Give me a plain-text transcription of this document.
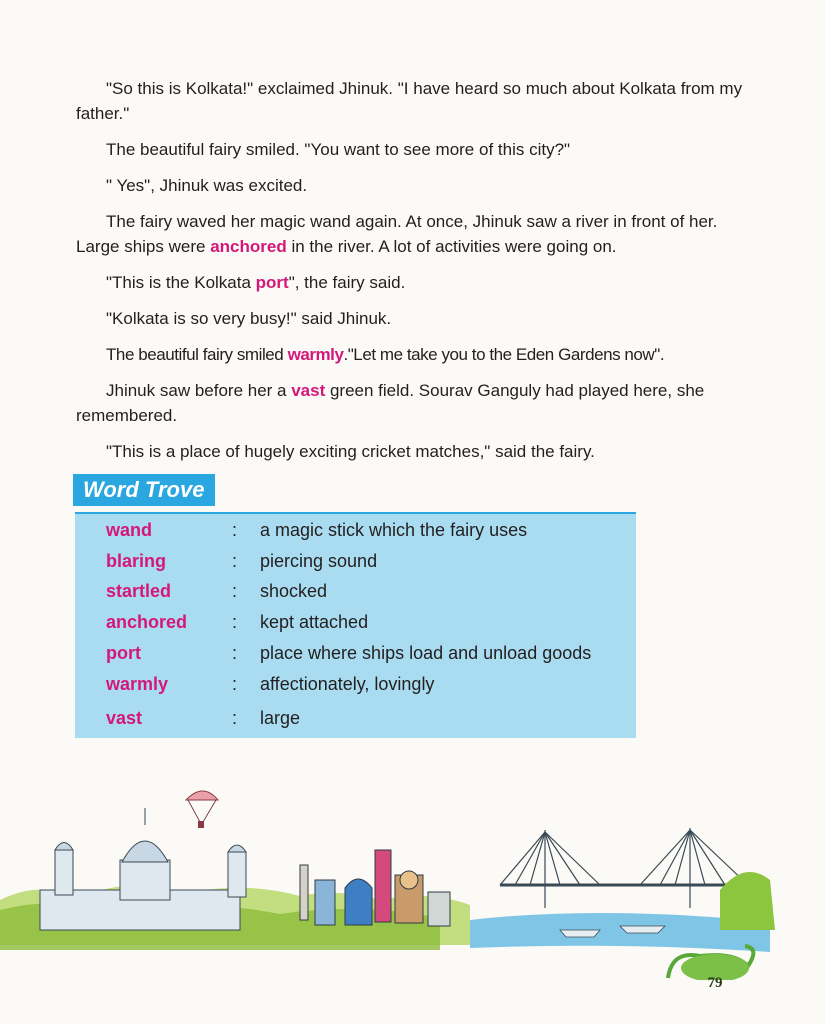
"So this is Kolkata!" exclaimed Jhinuk. "I have heard so much about Kolkata from my father."

The beautiful fairy smiled. "You want to see more of this city?"

" Yes", Jhinuk was excited.

The fairy waved her magic wand again. At once, Jhinuk saw a river in front of her. Large ships were anchored in the river. A lot of activities were going on.

"This is the Kolkata port", the fairy said.

"Kolkata is so very busy!" said Jhinuk.

The beautiful fairy smiled warmly."Let me take you to the Eden Gardens now".

Jhinuk saw before her a vast green field. Sourav Ganguly had played here, she remembered.

"This is a place of hugely exciting cricket matches," said the fairy.

Word Trove
wand	: a magic stick which the fairy uses
blaring	: piercing sound
startled	: shocked
anchored	: kept attached
port	: place where ships load and unload goods
warmly	: affectionately, lovingly
vast	: large
79
